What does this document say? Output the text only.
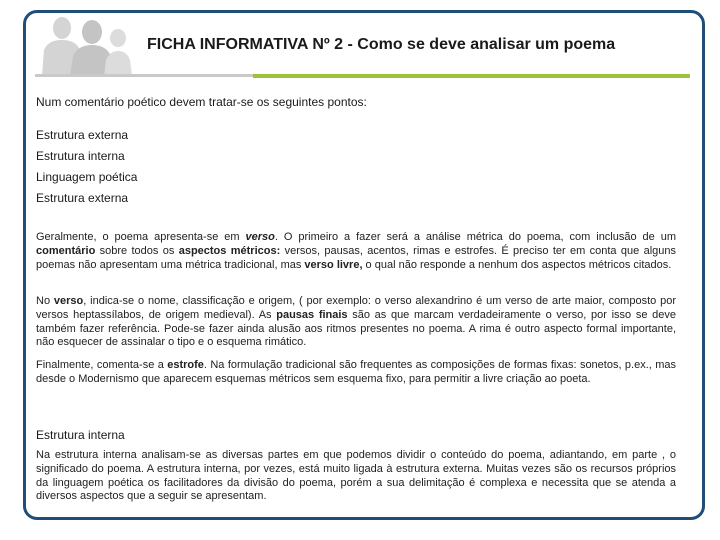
FICHA INFORMATIVA Nº 2 - Como se deve analisar um poema
Num comentário poético devem tratar-se os seguintes pontos:
Estrutura externa
Estrutura interna
Linguagem poética
Estrutura externa
Geralmente, o poema apresenta-se em verso. O primeiro a fazer será a análise métrica do poema, com inclusão de um comentário sobre todos os aspectos métricos: versos, pausas, acentos, rimas e estrofes. É preciso ter em conta que alguns poemas não apresentam uma métrica tradicional, mas verso livre, o qual não responde a nenhum dos aspectos métricos citados.
No verso, indica-se o nome, classificação e origem, ( por exemplo: o verso alexandrino é um verso de arte maior, composto por versos heptassílabos, de origem medieval). As pausas finais são as que marcam verdadeiramente o verso, por isso se deve também fazer referência. Pode-se fazer ainda alusão aos ritmos presentes no poema. A rima é outro aspecto formal importante, não esquecer de assinalar o tipo e o esquema rimático.
Finalmente, comenta-se a estrofe. Na formulação tradicional são frequentes as composições de formas fixas: sonetos, p.ex., mas desde o Modernismo que aparecem esquemas métricos sem esquema fixo, para permitir a livre criação ao poeta.
Estrutura interna
Na estrutura interna analisam-se as diversas partes em que podemos dividir o conteúdo do poema, adiantando, em parte , o significado do poema. A estrutura interna, por vezes, está muito ligada à estrutura externa. Muitas vezes são os recursos próprios da linguagem poética os facilitadores da divisão do poema, porém a sua delimitação é complexa e necessita que se atenda a diversos aspectos que a seguir se apresentam.
